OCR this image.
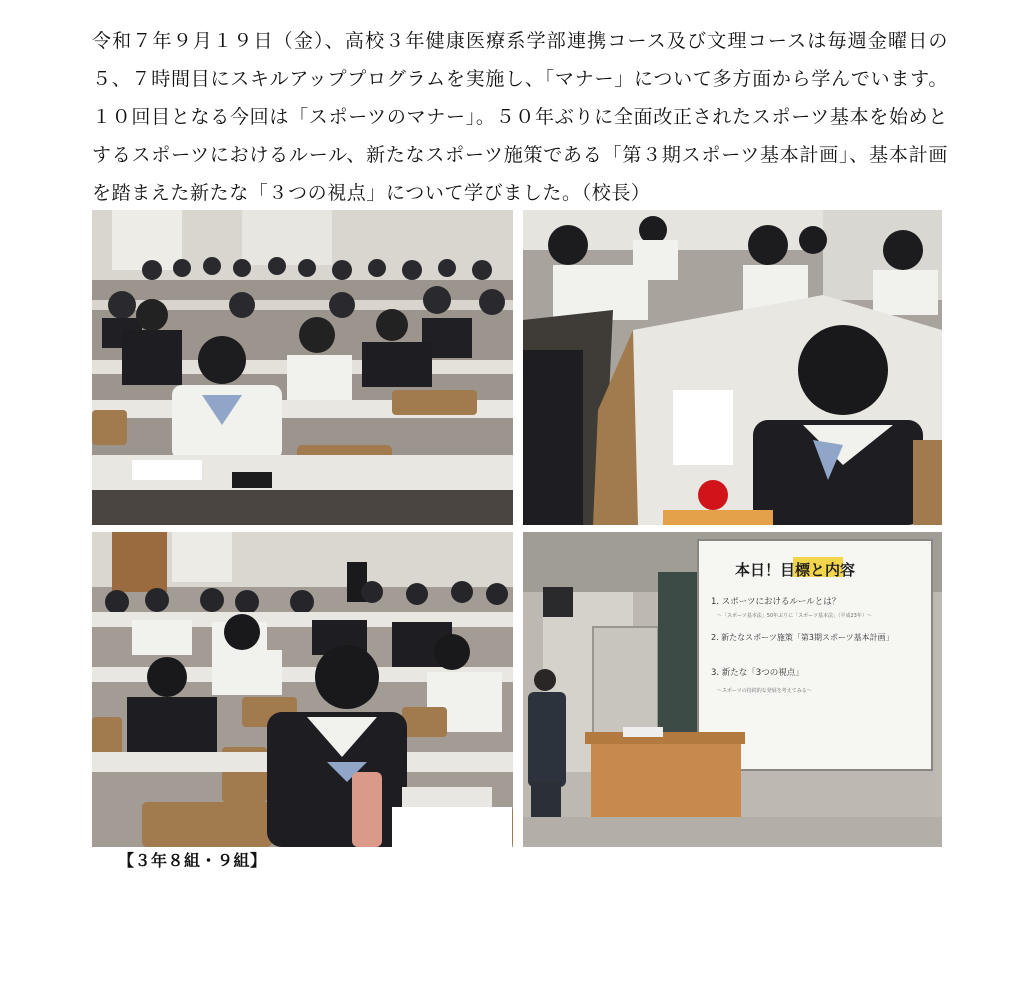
令和７年９月１９日（金）、高校３年健康医療系学部連携コース及び文理コースは毎週金曜日の５、７時間目にスキルアッププログラムを実施し、「マナー」について多方面から学んでいます。１０回目となる今回は「スポーツのマナー」。５０年ぶりに全面改正されたスポーツ基本を始めとするスポーツにおけるルール、新たなスポーツ施策である「第３期スポーツ基本計画」、基本計画を踏まえた新たな「３つの視点」について学びました。（校長）

本日！目標と内容
1. スポーツにおけるルールとは？
～「スポーツ基本法」50年ぶりに「スポーツ基本法」（平成23年）～
2. 新たなスポーツ施策「第3期スポーツ基本計画」
3. 新たな「3つの視点」
～スポーツの持続的な発展を考えてみる～
【３年８組・９組】
